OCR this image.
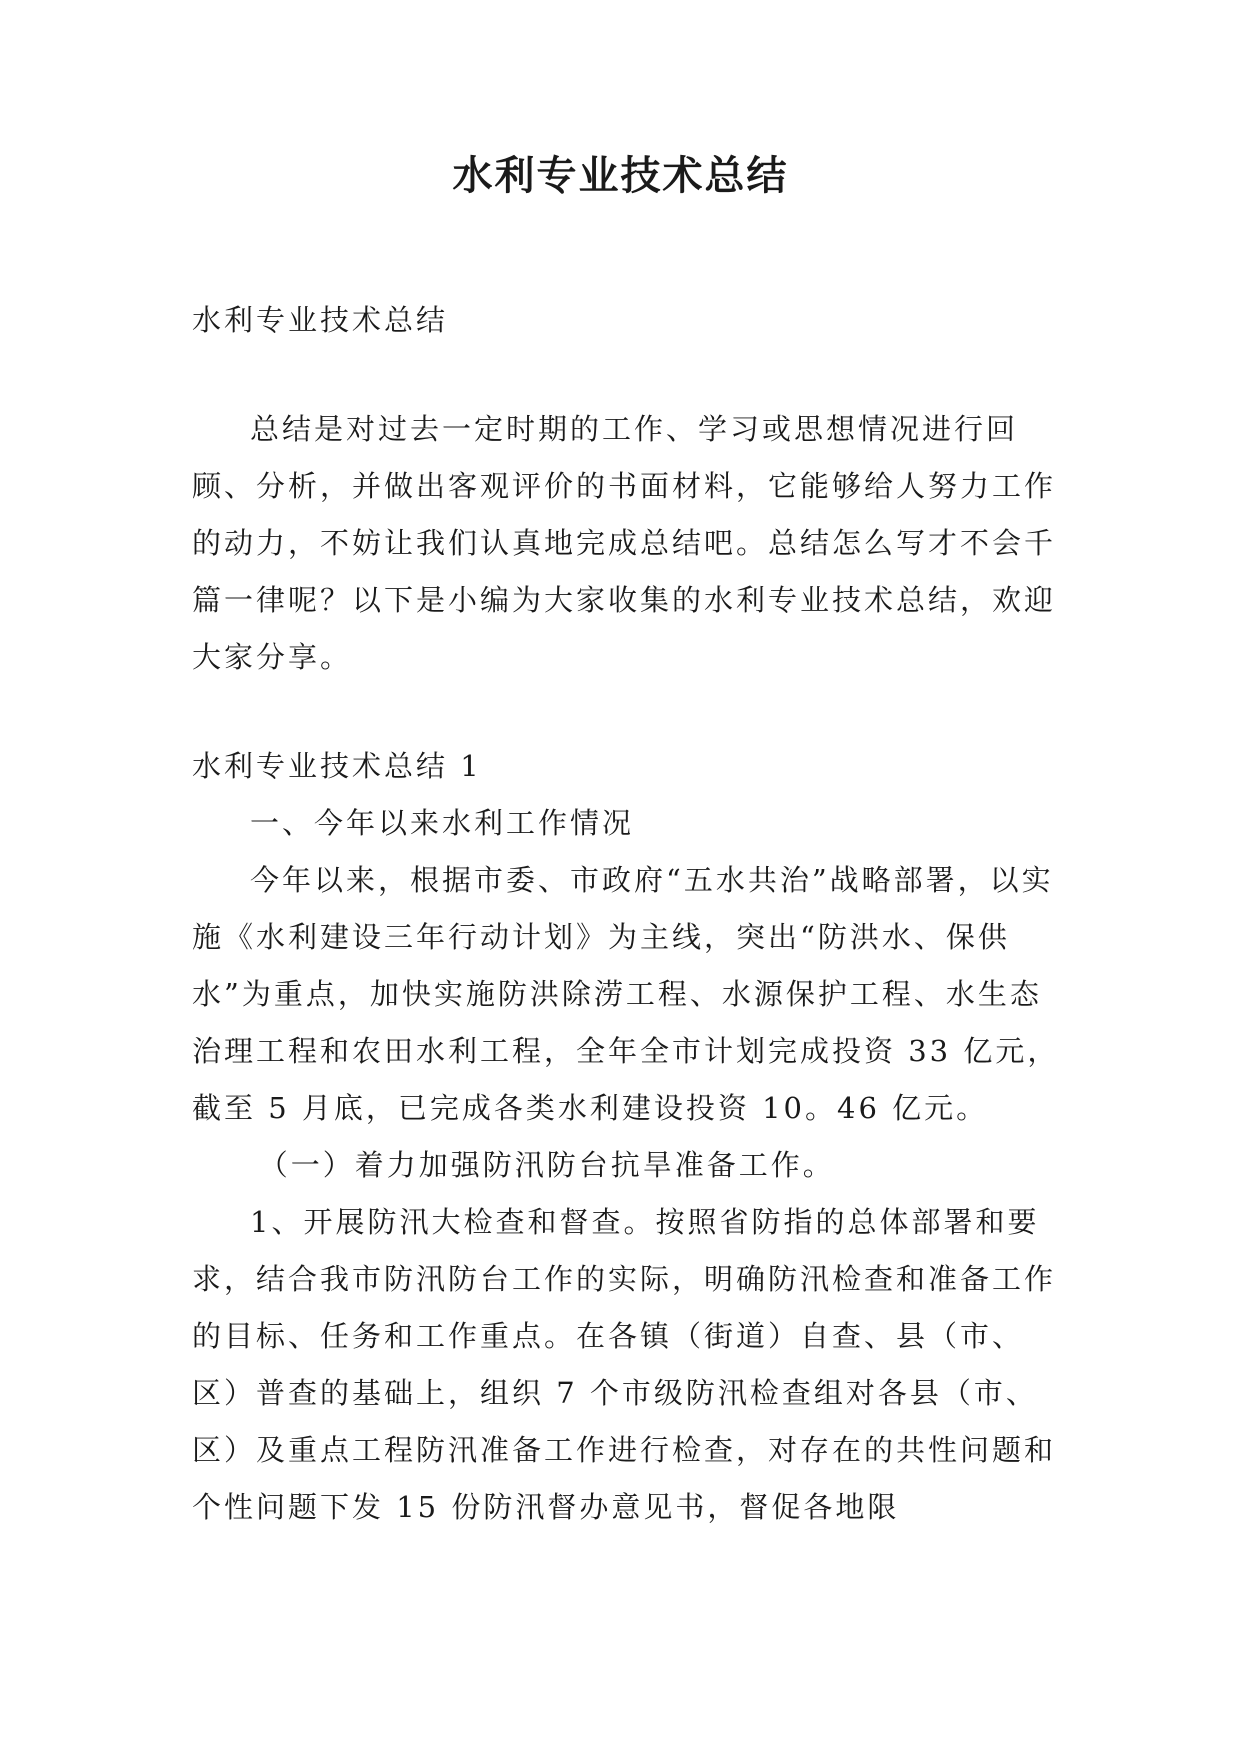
水利专业技术总结

水利专业技术总结

总结是对过去一定时期的工作、学习或思想情况进行回顾、分析，并做出客观评价的书面材料，它能够给人努力工作的动力，不妨让我们认真地完成总结吧。总结怎么写才不会千篇一律呢？以下是小编为大家收集的水利专业技术总结，欢迎大家分享。

水利专业技术总结 1

一、今年以来水利工作情况

今年以来，根据市委、市政府“五水共治”战略部署，以实施《水利建设三年行动计划》为主线，突出“防洪水、保供水”为重点，加快实施防洪除涝工程、水源保护工程、水生态治理工程和农田水利工程，全年全市计划完成投资 33 亿元，截至 5 月底，已完成各类水利建设投资 10。46 亿元。

（一）着力加强防汛防台抗旱准备工作。

1、开展防汛大检查和督查。按照省防指的总体部署和要求，结合我市防汛防台工作的实际，明确防汛检查和准备工作的目标、任务和工作重点。在各镇（街道）自查、县（市、区）普查的基础上，组织 7 个市级防汛检查组对各县（市、区）及重点工程防汛准备工作进行检查，对存在的共性问题和个性问题下发 15 份防汛督办意见书，督促各地限
